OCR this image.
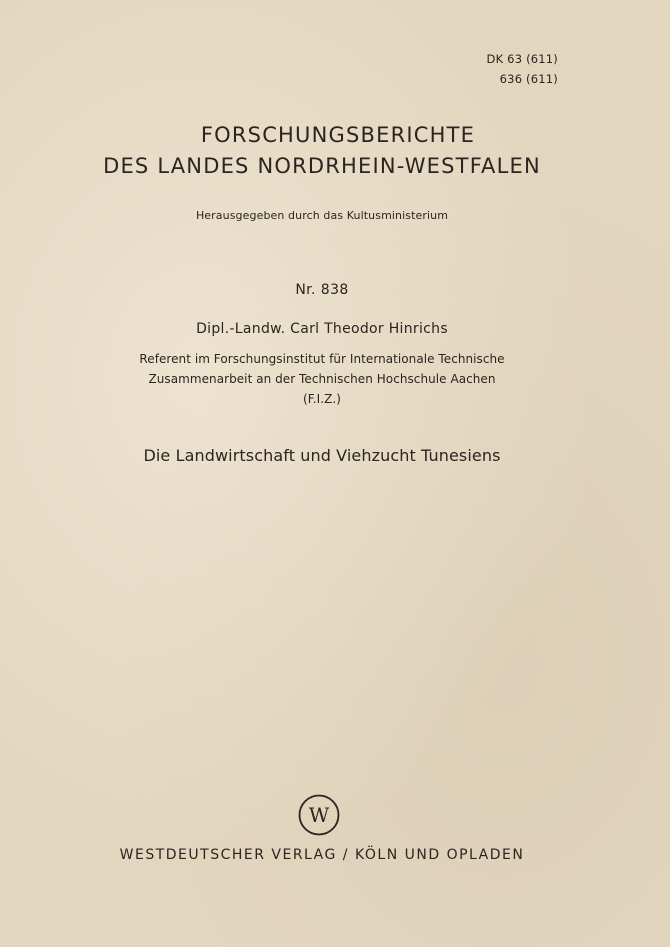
DK 63 (611)
636 (611)
FORSCHUNGSBERICHTE
DES LANDES NORDRHEIN-WESTFALEN
Herausgegeben durch das Kultusministerium
Nr. 838
Dipl.-Landw. Carl Theodor Hinrichs
Referent im Forschungsinstitut für Internationale Technische
Zusammenarbeit an der Technischen Hochschule Aachen
(F.I.Z.)
Die Landwirtschaft und Viehzucht Tunesiens
W
WESTDEUTSCHER VERLAG / KÖLN UND OPLADEN
